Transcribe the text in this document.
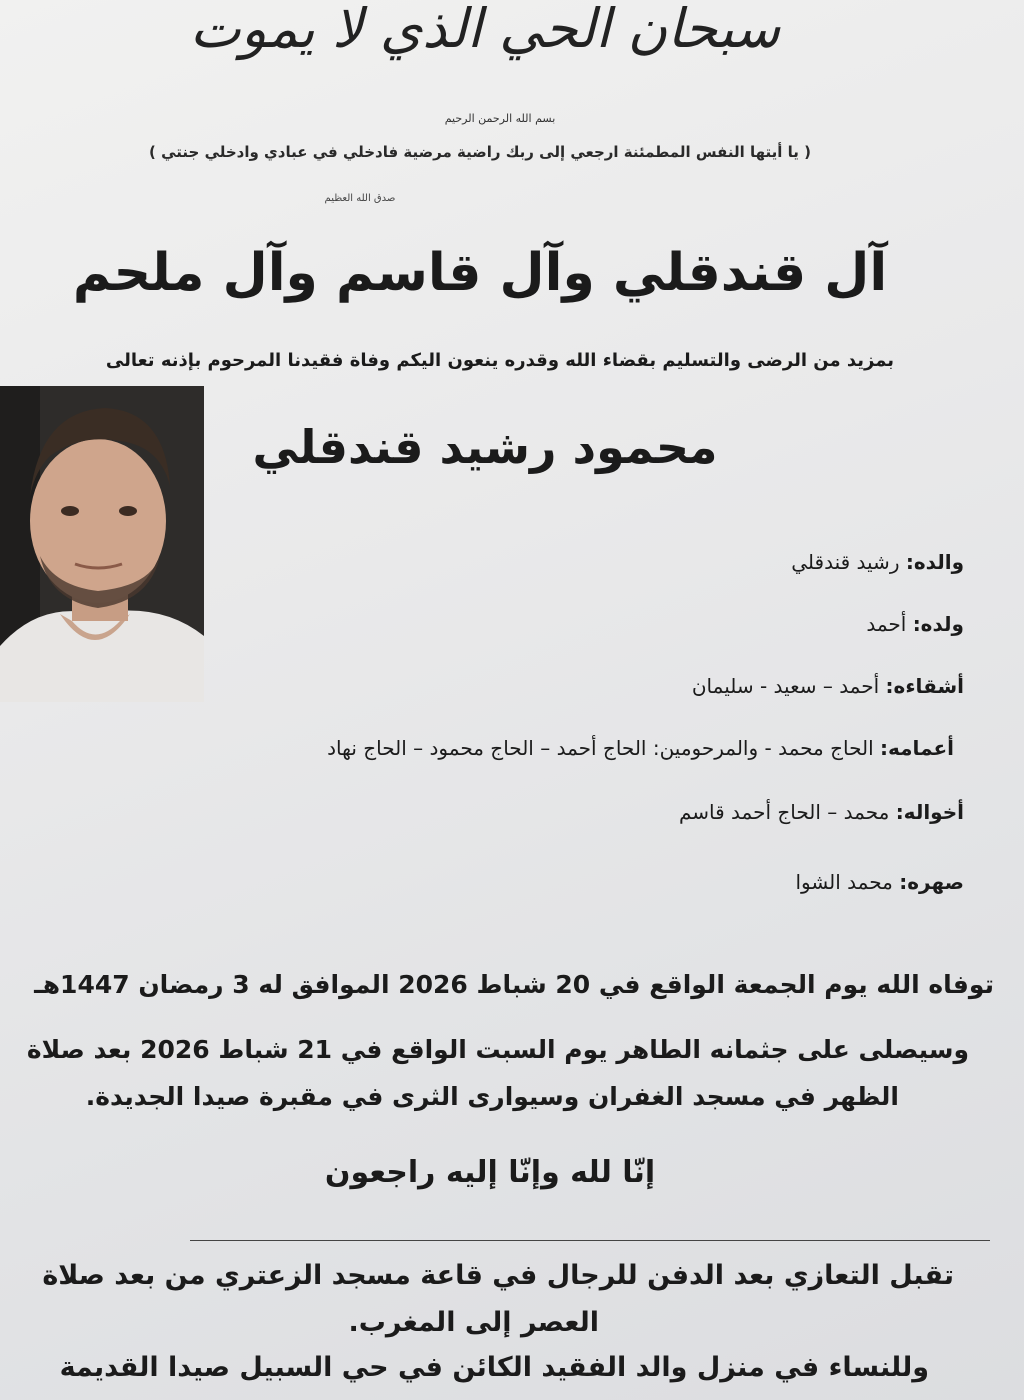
سبحان الحي الذي لا يموت
بسم الله الرحمن الرحيم
( يا أيتها النفس المطمئنة ارجعي إلى ربك راضية مرضية فادخلي في عبادي وادخلي جنتي )
صدق الله العظيم
آل قندقلي وآل قاسم وآل ملحم
بمزيد من الرضى والتسليم بقضاء الله وقدره ينعون اليكم وفاة فقيدنا المرحوم بإذنه تعالى
محمود رشيد قندقلي
والده: رشيد قندقلي
ولده: أحمد
أشقاءه: أحمد – سعيد - سليمان
أعمامه: الحاج محمد - والمرحومين: الحاج أحمد – الحاج محمود – الحاج نهاد
أخواله: محمد – الحاج أحمد قاسم
صهره: محمد الشوا
توفاه الله يوم الجمعة الواقع في 20 شباط 2026 الموافق له 3 رمضان 1447هـ
وسيصلى على جثمانه الطاهر يوم السبت الواقع في 21 شباط 2026 بعد صلاة
الظهر في مسجد الغفران وسيوارى الثرى في مقبرة صيدا الجديدة.
إنّا لله وإنّا إليه راجعون
تقبل التعازي بعد الدفن للرجال في قاعة مسجد الزعتري من بعد صلاة
العصر إلى المغرب.
وللنساء في منزل والد الفقيد الكائن في حي السبيل صيدا القديمة
